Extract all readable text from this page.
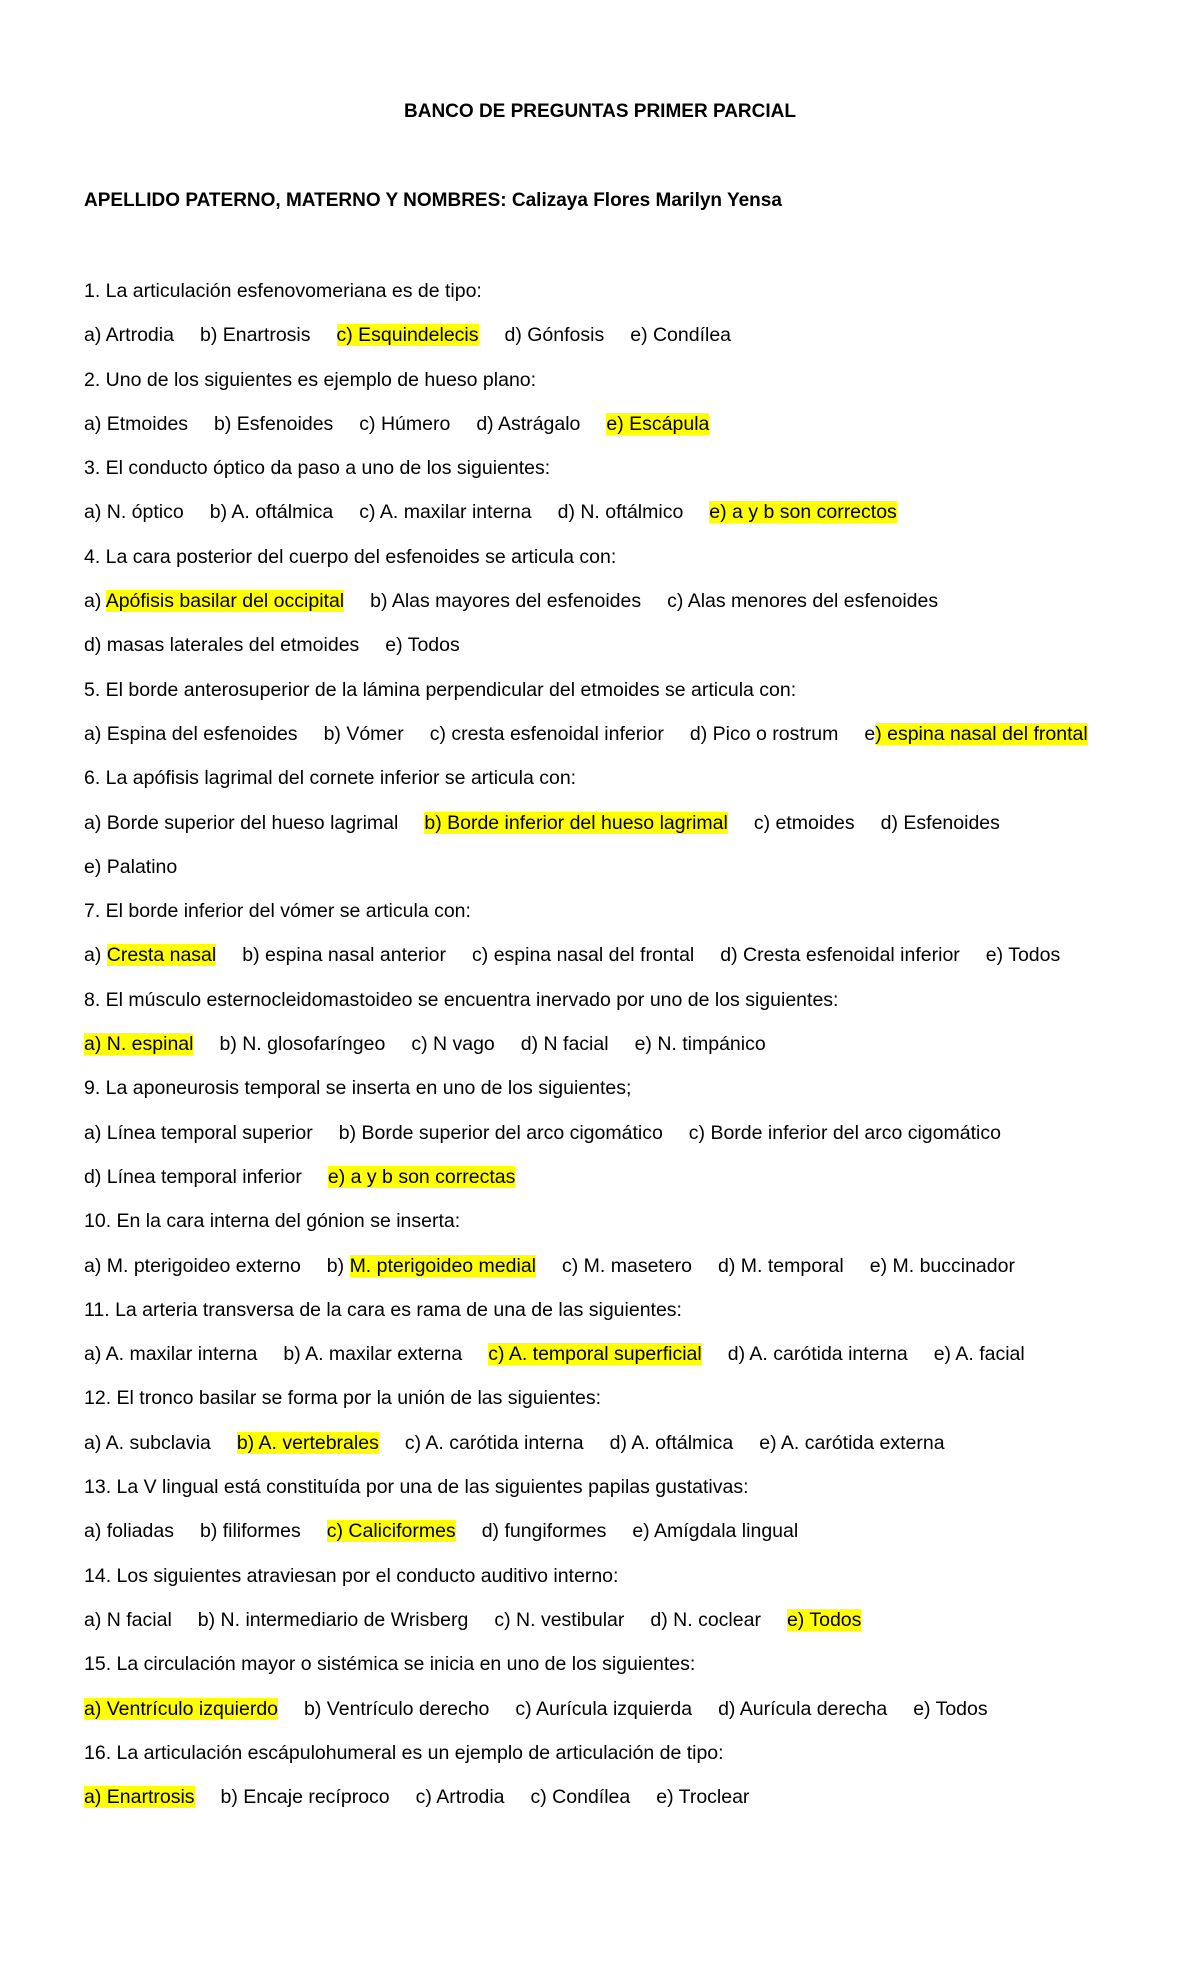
BANCO DE PREGUNTAS PRIMER PARCIAL
APELLIDO PATERNO, MATERNO Y NOMBRES: Calizaya Flores Marilyn Yensa
1. La articulación esfenovomeriana es de tipo:
a) Artrodia b) Enartrosis c) Esquindelecis d) Gónfosis e) Condílea
2. Uno de los siguientes es ejemplo de hueso plano:
a) Etmoides b) Esfenoides c) Húmero d) Astrágalo e) Escápula
3. El conducto óptico da paso a uno de los siguientes:
a) N. óptico b) A. oftálmica c) A. maxilar interna d) N. oftálmico e) a y b son correctos
4. La cara posterior del cuerpo del esfenoides se articula con:
a) Apófisis basilar del occipital b) Alas mayores del esfenoides c) Alas menores del esfenoides
d) masas laterales del etmoides e) Todos
5. El borde anterosuperior de la lámina perpendicular del etmoides se articula con:
a) Espina del esfenoides b) Vómer c) cresta esfenoidal inferior d) Pico o rostrum e) espina nasal del frontal
6. La apófisis lagrimal del cornete inferior se articula con:
a) Borde superior del hueso lagrimal b) Borde inferior del hueso lagrimal c) etmoides d) Esfenoides
e) Palatino
7. El borde inferior del vómer se articula con:
a) Cresta nasal b) espina nasal anterior c) espina nasal del frontal d) Cresta esfenoidal inferior e) Todos
8. El músculo esternocleidomastoideo se encuentra inervado por uno de los siguientes:
a) N. espinal b) N. glosofaríngeo c) N vago d) N facial e) N. timpánico
9. La aponeurosis temporal se inserta en uno de los siguientes;
a) Línea temporal superior b) Borde superior del arco cigomático c) Borde inferior del arco cigomático
d) Línea temporal inferior e) a y b son correctas
10. En la cara interna del gónion se inserta:
a) M. pterigoideo externo b) M. pterigoideo medial c) M. masetero d) M. temporal e) M. buccinador
11. La arteria transversa de la cara es rama de una de las siguientes:
a) A. maxilar interna b) A. maxilar externa c) A. temporal superficial d) A. carótida interna e) A. facial
12. El tronco basilar se forma por la unión de las siguientes:
a) A. subclavia b) A. vertebrales c) A. carótida interna d) A. oftálmica e) A. carótida externa
13. La V lingual está constituída por una de las siguientes papilas gustativas:
a) foliadas b) filiformes c) Caliciformes d) fungiformes e) Amígdala lingual
14. Los siguientes atraviesan por el conducto auditivo interno:
a) N facial b) N. intermediario de Wrisberg c) N. vestibular d) N. coclear e) Todos
15. La circulación mayor o sistémica se inicia en uno de los siguientes:
a) Ventrículo izquierdo b) Ventrículo derecho c) Aurícula izquierda d) Aurícula derecha e) Todos
16. La articulación escápulohumeral es un ejemplo de articulación de tipo:
a) Enartrosis b) Encaje recíproco c) Artrodia c) Condílea e) Troclear
